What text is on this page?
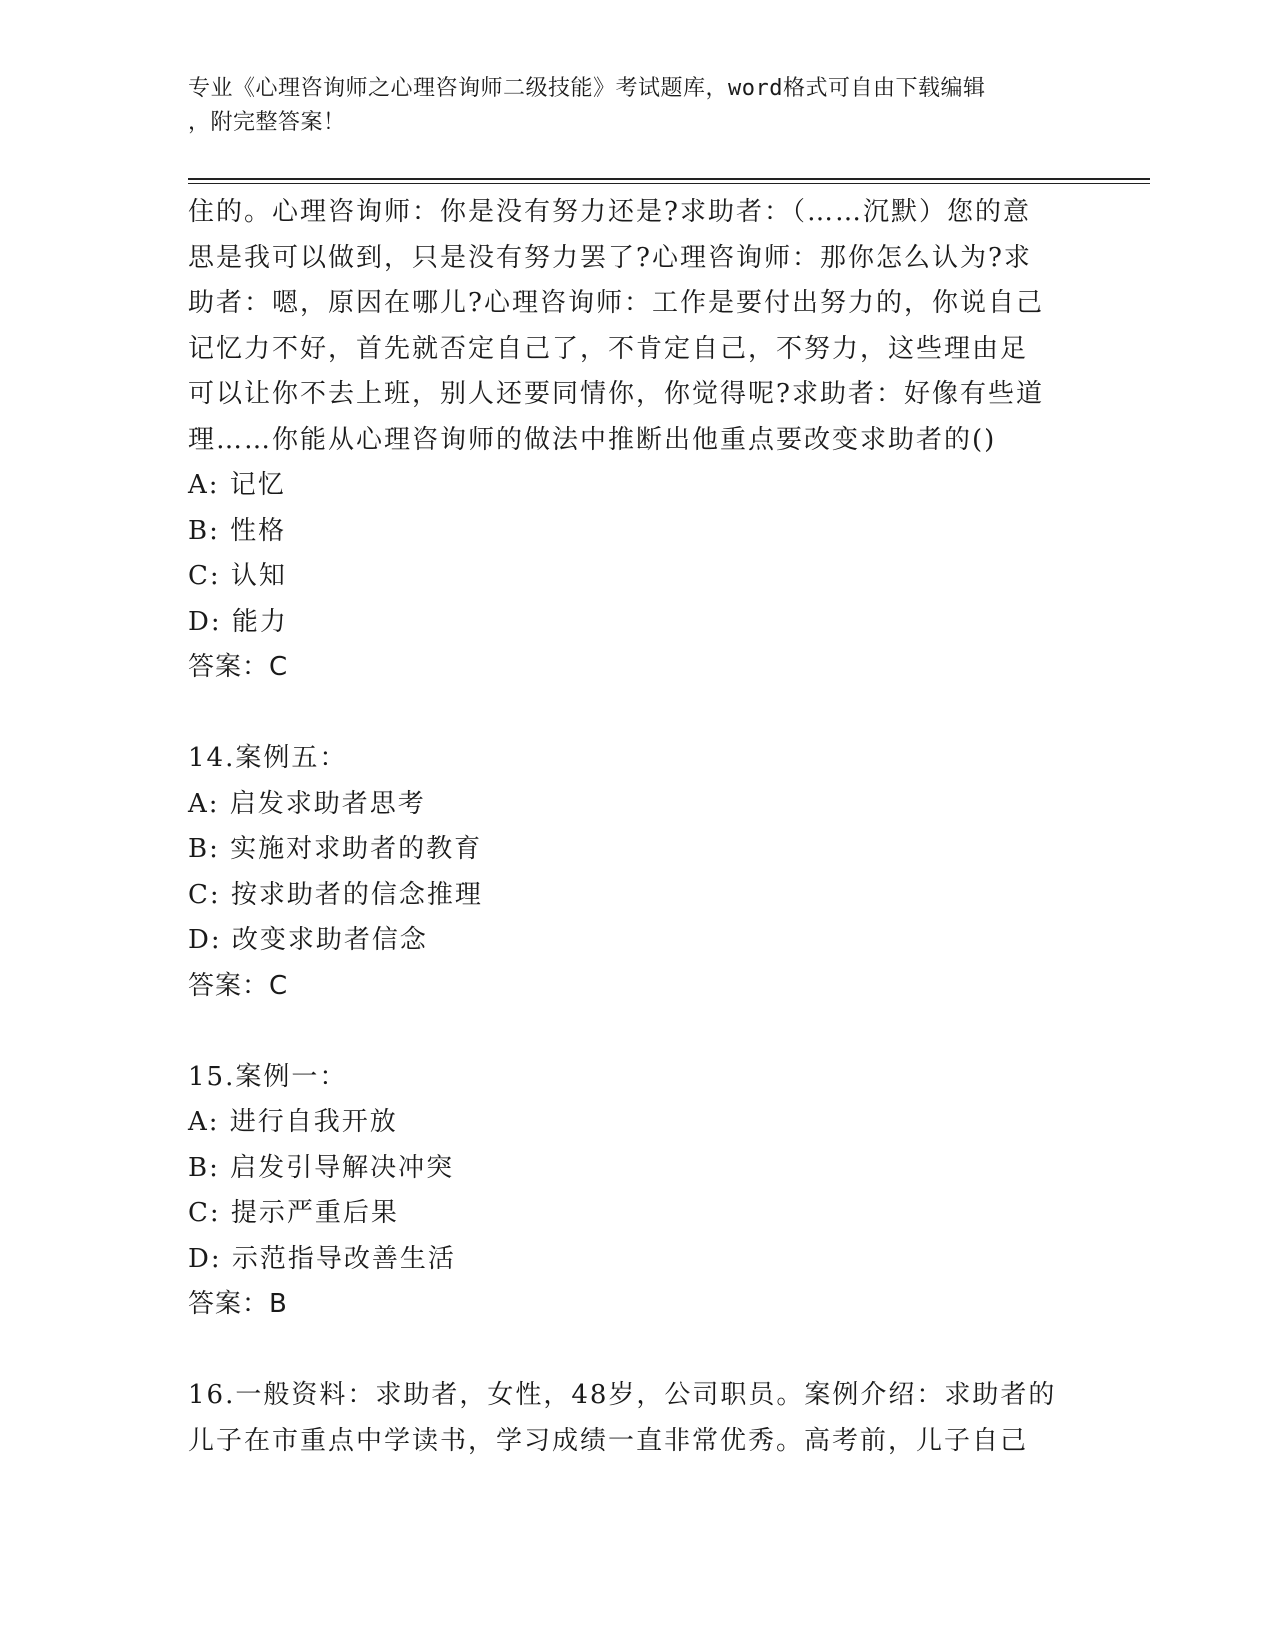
专业《心理咨询师之心理咨询师二级技能》考试题库，word格式可自由下载编辑
，附完整答案！
住的。心理咨询师：你是没有努力还是?求助者：（……沉默）您的意
思是我可以做到，只是没有努力罢了?心理咨询师：那你怎么认为?求
助者：嗯，原因在哪儿?心理咨询师：工作是要付出努力的，你说自己
记忆力不好，首先就否定自己了，不肯定自己，不努力，这些理由足
可以让你不去上班，别人还要同情你，你觉得呢?求助者：好像有些道
理……你能从心理咨询师的做法中推断出他重点要改变求助者的()
A: 记忆
B: 性格
C: 认知
D: 能力
答案：C
14.案例五：
A: 启发求助者思考
B: 实施对求助者的教育
C: 按求助者的信念推理
D: 改变求助者信念
答案：C
15.案例一：
A: 进行自我开放
B: 启发引导解决冲突
C: 提示严重后果
D: 示范指导改善生活
答案：B
16.一般资料：求助者，女性，48岁，公司职员。案例介绍：求助者的
儿子在市重点中学读书，学习成绩一直非常优秀。高考前，儿子自己
